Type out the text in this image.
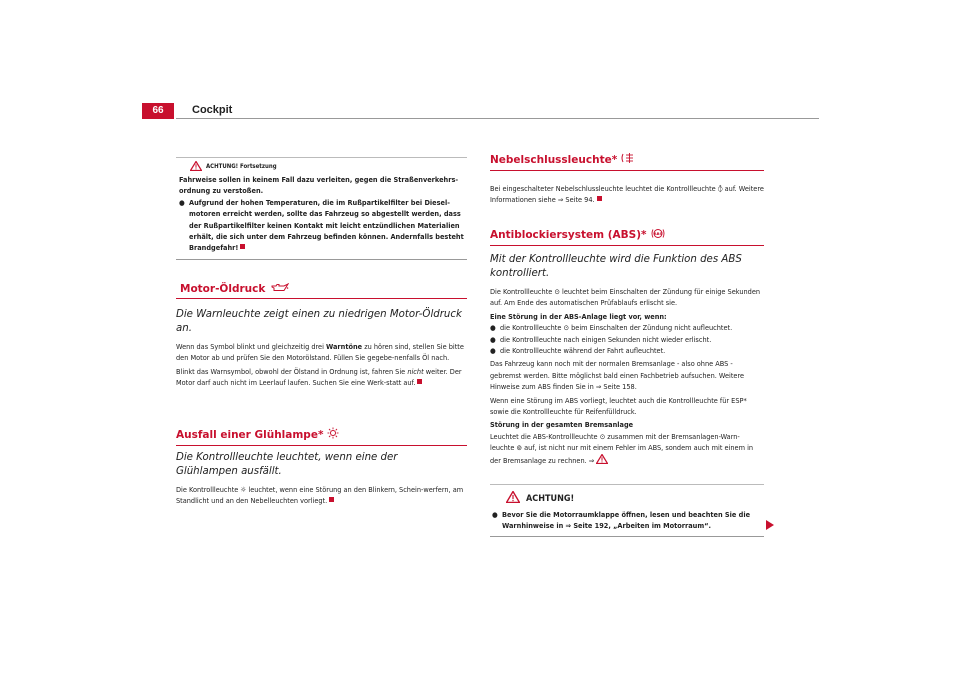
66	Cockpit
ACHTUNG! Fortsetzung
Fahrweise sollen in keinem Fall dazu verleiten, gegen die Straßenverkehrs-ordnung zu verstoßen.
● Aufgrund der hohen Temperaturen, die im Rußpartikelfilter bei Diesel-motoren erreicht werden, sollte das Fahrzeug so abgestellt werden, dass der Rußpartikelfilter keinen Kontakt mit leicht entzündlichen Materialien erhält, die sich unter dem Fahrzeug befinden können. Andernfalls besteht Brandgefahr!
Motor-Öldruck
Die Warnleuchte zeigt einen zu niedrigen Motor-Öldruck an.
Wenn das Symbol blinkt und gleichzeitig drei Warntöne zu hören sind, stellen Sie bitte den Motor ab und prüfen Sie den Motorölstand. Füllen Sie gegebe-nenfalls Öl nach.
Blinkt das Warnsymbol, obwohl der Ölstand in Ordnung ist, fahren Sie nicht weiter. Der Motor darf auch nicht im Leerlauf laufen. Suchen Sie eine Werk-statt auf.
Ausfall einer Glühlampe*
Die Kontrollleuchte leuchtet, wenn eine der Glühlampen ausfällt.
Die Kontrollleuchte ☼ leuchtet, wenn eine Störung an den Blinkern, Schein-werfern, am Standlicht und an den Nebelleuchten vorliegt.
Nebelschlussleuchte*
Bei eingeschalteter Nebelschlussleuchte leuchtet die Kontrollleuchte ⦽ auf. Weitere Informationen siehe ⇒ Seite 94.
Antiblockiersystem (ABS)* ABS
Mit der Kontrollleuchte wird die Funktion des ABS kontrolliert.
Die Kontrollleuchte ⊙ leuchtet beim Einschalten der Zündung für einige Sekunden auf. Am Ende des automatischen Prüfablaufs erlischt sie.
Eine Störung in der ABS-Anlage liegt vor, wenn:
● die Kontrollleuchte ⊙ beim Einschalten der Zündung nicht aufleuchtet.
● die Kontrollleuchte nach einigen Sekunden nicht wieder erlischt.
● die Kontrollleuchte während der Fahrt aufleuchtet.
Das Fahrzeug kann noch mit der normalen Bremsanlage - also ohne ABS - gebremst werden. Bitte möglichst bald einen Fachbetrieb aufsuchen. Weitere Hinweise zum ABS finden Sie in ⇒ Seite 158.
Wenn eine Störung im ABS vorliegt, leuchtet auch die Kontrollleuchte für ESP* sowie die Kontrollleuchte für Reifenfülldruck.
Störung in der gesamten Bremsanlage
Leuchtet die ABS-Kontrollleuchte ⊙ zusammen mit der Bremsanlagen-Warn-leuchte ⊚ auf, ist nicht nur mit einem Fehler im ABS, sondem auch mit einem in der Bremsanlage zu rechnen. ⇒
ACHTUNG!
● Bevor Sie die Motorraumklappe öffnen, lesen und beachten Sie die Warnhinweise in ⇒ Seite 192, „Arbeiten im Motorraum“.
